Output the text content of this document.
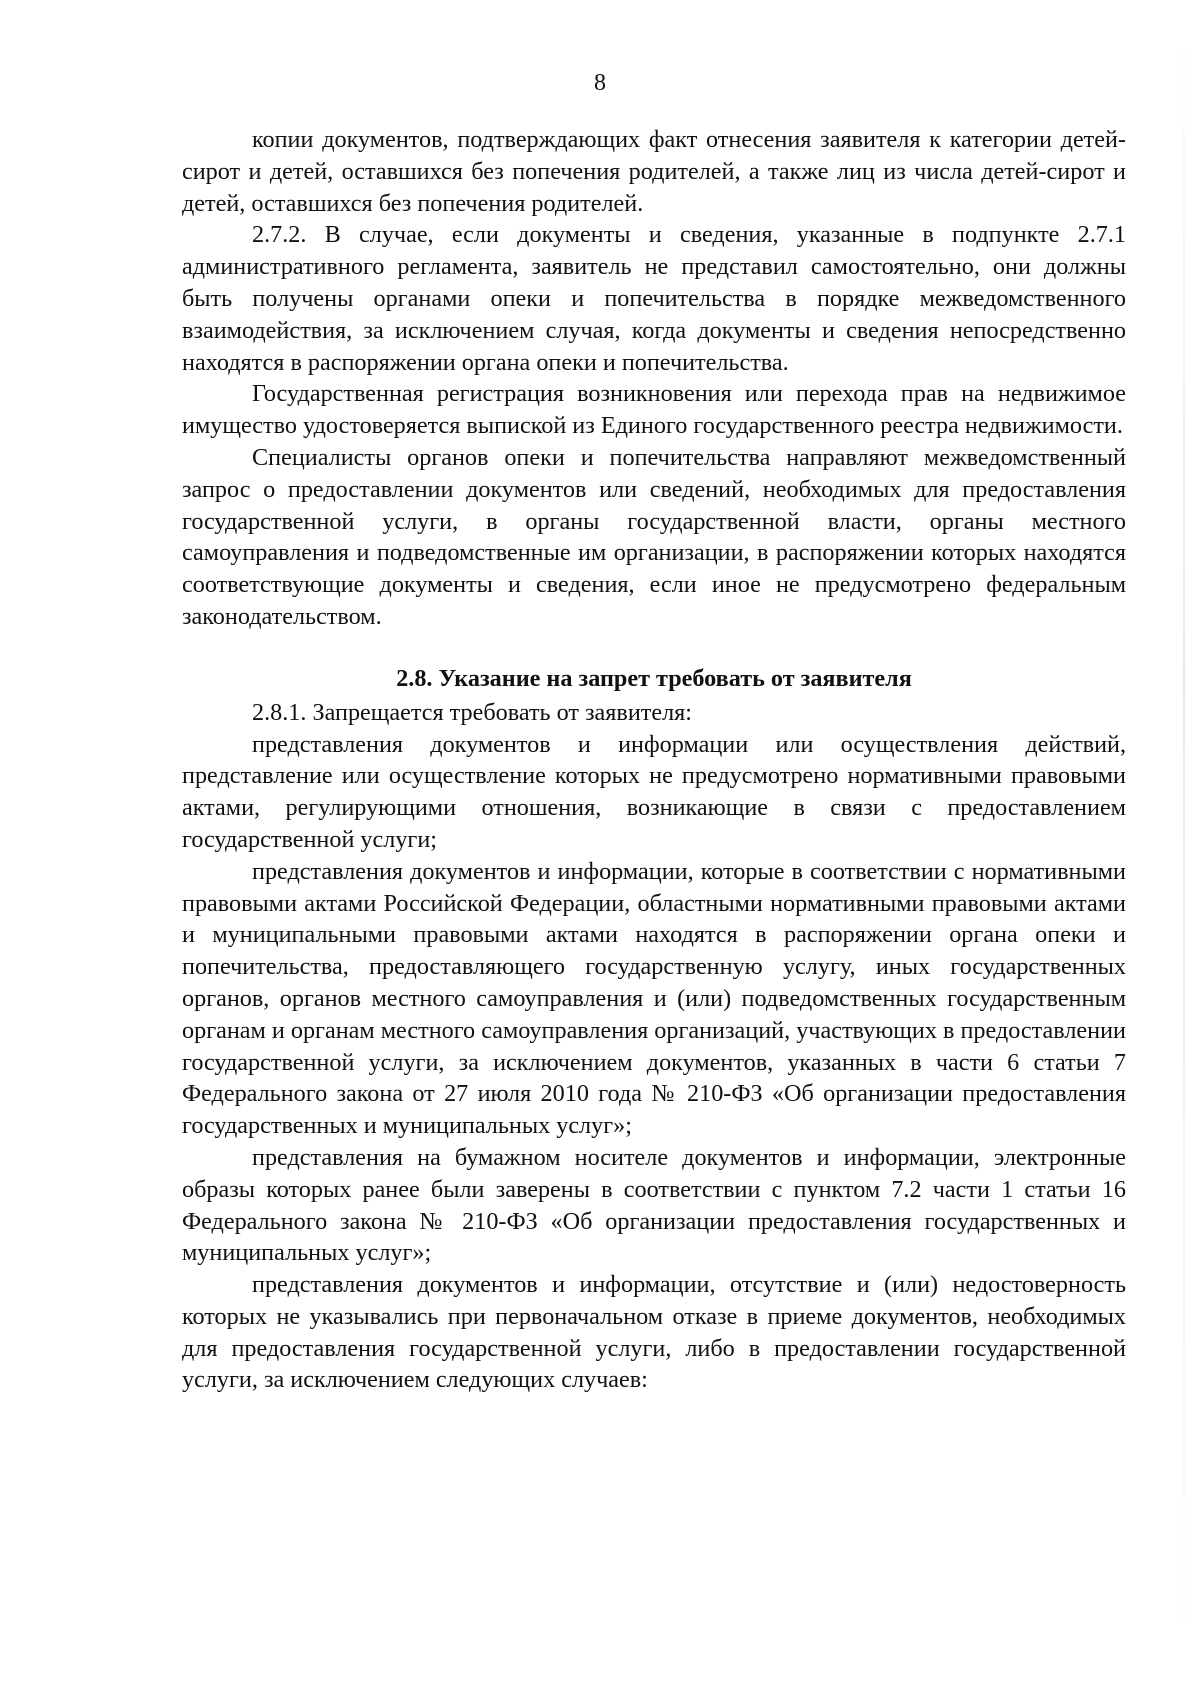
8

копии документов, подтверждающих факт отнесения заявителя к категории детей-сирот и детей, оставшихся без попечения родителей, а также лиц из числа детей-сирот и детей, оставшихся без попечения родителей.

2.7.2. В случае, если документы и сведения, указанные в подпункте 2.7.1 административного регламента, заявитель не представил самостоятельно, они должны быть получены органами опеки и попечительства в порядке межведомственного взаимодействия, за исключением случая, когда документы и сведения непосредственно находятся в распоряжении органа опеки и попечительства.

Государственная регистрация возникновения или перехода прав на недвижимое имущество удостоверяется выпиской из Единого государственного реестра недвижимости.

Специалисты органов опеки и попечительства направляют межведомственный запрос о предоставлении документов или сведений, необходимых для предоставления государственной услуги, в органы государственной власти, органы местного самоуправления и подведомственные им организации, в распоряжении которых находятся соответствующие документы и сведения, если иное не предусмотрено федеральным законодательством.

2.8. Указание на запрет требовать от заявителя

2.8.1. Запрещается требовать от заявителя:

представления документов и информации или осуществления действий, представление или осуществление которых не предусмотрено нормативными правовыми актами, регулирующими отношения, возникающие в связи с предоставлением государственной услуги;

представления документов и информации, которые в соответствии с нормативными правовыми актами Российской Федерации, областными нормативными правовыми актами и муниципальными правовыми актами находятся в распоряжении органа опеки и попечительства, предоставляющего государственную услугу, иных государственных органов, органов местного самоуправления и (или) подведомственных государственным органам и органам местного самоуправления организаций, участвующих в предоставлении государственной услуги, за исключением документов, указанных в части 6 статьи 7 Федерального закона от 27 июля 2010 года № 210-ФЗ «Об организации предоставления государственных и муниципальных услуг»;

представления на бумажном носителе документов и информации, электронные образы которых ранее были заверены в соответствии с пунктом 7.2 части 1 статьи 16 Федерального закона № 210-ФЗ «Об организации предоставления государственных и муниципальных услуг»;

представления документов и информации, отсутствие и (или) недостоверность которых не указывались при первоначальном отказе в приеме документов, необходимых для предоставления государственной услуги, либо в предоставлении государственной услуги, за исключением следующих случаев:
